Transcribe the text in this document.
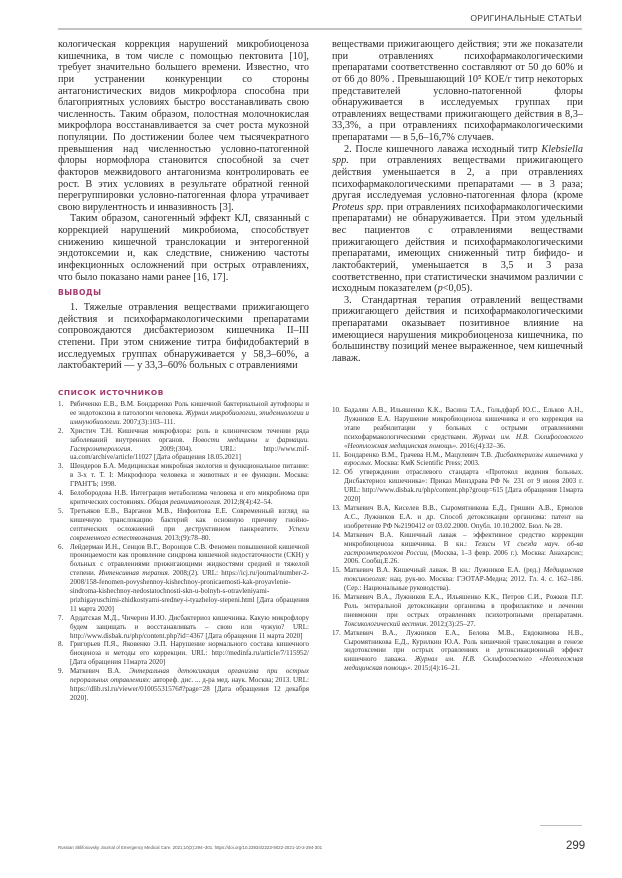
ОРИГИНАЛЬНЫЕ СТАТЬИ

кологическая коррекция нарушений микробиоценоза кишечника, в том числе с помощью пектовита [10], требует значительно большего времени. Известно, что при устранении конкуренции со стороны антагонистических видов микрофлора способна при благоприятных условиях быстро восстанавливать свою численность. Таким образом, полостная молочнокислая микрофлора восстанавливается за счет роста мукозной популяции. По достижении более чем тысячекратного превышения над численностью условно-патогенной флоры нормофлора становится способной за счет факторов межвидового антагонизма контролировать ее рост. В этих условиях в результате обратной генной перегруппировки условно-патогенная флора утрачивает свою вирулентность и инвазивность [3].

Таким образом, саногенный эффект КЛ, связанный с коррекцией нарушений микробиома, способствует снижению кишечной транслокации и энтерогенной эндотоксемии и, как следствие, снижению частоты инфекционных осложнений при острых отравлениях, что было показано нами ранее [16, 17].

ВЫВОДЫ

1. Тяжелые отравления веществами прижигающего действия и психофармакологическими препаратами сопровождаются дисбактериозом кишечника II–III степени. При этом снижение титра бифидобактерий в исследуемых группах обнаруживается у 58,3–60%, а лактобактерий — у 33,3–60% больных с отравлениями

веществами прижигающего действия; эти же показатели при отравлениях психофармакологическими препаратами соответственно составляют от 50 до 60% и от 66 до 80% . Превышающий 10⁵ КОЕ/г титр некоторых представителей условно-патогенной флоры обнаруживается в исследуемых группах при отравлениях веществами прижигающего действия в 8,3–33,3%, а при отравлениях психофармакологическими препаратами — в 5,6–16,7% случаев.

2. После кишечного лаважа исходный титр Klebsiella spp. при отравлениях веществами прижигающего действия уменьшается в 2, а при отравлениях психофармакологическими препаратами — в 3 раза; другая исследуемая условно-патогенная флора (кроме Proteus spp. при отравлениях психофармакологическими препаратами) не обнаруживается. При этом удельный вес пациентов с отравлениями веществами прижигающего действия и психофармакологическими препаратами, имеющих сниженный титр бифидо- и лактобактерий, уменьшается в 3,5 и 3 раза соответственно, при статистически значимом различии с исходным показателем (p<0,05).

3. Стандартная терапия отравлений веществами прижигающего действия и психофармакологическими препаратами оказывает позитивное влияние на имеющиеся нарушения микробиоценоза кишечника, по большинству позиций менее выраженное, чем кишечный лаваж.

СПИСОК ИСТОЧНИКОВ
1. Рябиченко Е.В., В.М. Бондаренко Роль кишечной бактериальной аутофлоры и ее эндотоксина в патологии человека. Журнал микробиологии, эпидемиологии и иммунобиологии. 2007;(3):103–111.
2. Христич Т.Н. Кишечная микрофлора: роль в клиническом течении ряда заболеваний внутренних органов. Новости медицины и фармации. Гастроэнтерология. 2009;(304). URL: http://www.mif-ua.com/archive/article/11027 [Дата обращения 18.05.2021]
3. Шендеров Б.А. Медицинская микробная экология и функциональное питание: в 3-х т. Т. I: Микрофлора человека и животных и ее функции. Москва: ГРАНТЪ; 1998.
4. Белобородова Н.В. Интеграция метаболизма человека и его микробиома при критических состояниях. Общая реаниматология. 2012;8(4):42–54.
5. Третьяков Е.В., Варганов М.В., Нифонтова Е.Е. Современный взгляд на кишечную транслокацию бактерий как основную причину гнойно-септических осложнений при деструктивном панкреатите. Успехи современного естествознания. 2013;(9):78–80.
6. Лейдерман И.Н., Сенцов В.Г., Воронцов С.В. Феномен повышенной кишечной проницаемости как проявление синдрома кишечной недостаточности (СКН) у больных с отравлениями прижигающими жидкостями средней и тяжелой степени. Интенсивная терапия. 2008;(2). URL: https://icj.ru/journal/number-2-2008/158-fenomen-povyshennoy-kishechnoy-pronicaemosti-kak-proyavlenie-sindroma-kishechnoy-nedostatochnosti-skn-u-bolnyh-s-otravleniyami-prizhigayuschimi-zhidkostyami-sredney-i-tyazheloy-stepeni.html [Дата обращения 11 марта 2020]
7. Ардатская М.Д., Чичерин И.Ю. Дисбактериоз кишечника. Какую микрофлору будем защищать и восстанавливать – свою или чужую? URL: http://www.disbak.ru/php/content.php?id=4367 [Дата обращения 11 марта 2020]
8. Григорьев П.Я., Яковенко Э.П. Нарушение нормального состава кишечного биоценоза и методы его коррекции. URL: http://medinfa.ru/article/7/115952/ [Дата обращения 11марта 2020]
9. Маткевич В.А. Энтеральная детоксикация организма при острых пероральных отравлениях: автореф. дис. ... д-ра мед. наук. Москва; 2013. URL: https://dlib.rsl.ru/viewer/01005531576#?page=28 [Дата обращения 12 декабря 2020].
10. Бадалян А.В., Ильяшенко К.К., Васина Т.А., Гольдфарб Ю.С., Ельков А.Н., Лужников Е.А. Нарушение микробиоценоза кишечника и его коррекция на этапе реабилитации у больных с острыми отравлениями психофармакологическими средствами. Журнал им. Н.В. Склифосовского «Неотложная медицинская помощь». 2016;(4):32–36.
11. Бондаренко В.М., Грачева Н.М., Мацулевич Т.В. Дисбактериозы кишечника у взрослых. Москва: КмК Scientific Press; 2003.
12. Об утверждении отраслевого стандарта «Протокол ведения больных. Дисбактериоз кишечника»: Приказ Минздрава РФ № 231 от 9 июня 2003 г. URL: http://www.disbak.ru/php/content.php?group=615 [Дата обращения 11марта 2020]
13. Маткевич В.А, Киселев В.В., Сыромятникова Е.Д., Гришин А.В., Ермолов А.С., Лужников Е.А. и др. Способ детоксикации организма: патент на изобретение РФ №2190412 от 03.02.2000. Опубл. 10.10.2002. Бюл. № 28.
14. Маткевич В.А. Кишечный лаваж – эффективное средство коррекции микробиоценоза кишечника. В кн.: Тезисы VI съезда науч. об-ва гастроэнтерологов России, (Москва, 1–3 февр. 2006 г.). Москва: Анахарсис; 2006. Сообщ.Е.26.
15. Маткевич В.А. Кишечный лаваж. В кн.: Лужников Е.А. (ред.) Медицинская токсикология: нац. рук-во. Москва: ГЭОТАР-Медиа; 2012. Гл. 4. с. 162–186. (Сер.: Национальные руководства).
16. Маткевич В.А., Лужников Е.А., Ильяшенко К.К., Петров С.И., Рожков П.Г. Роль энтеральной детоксикации организма в профилактике и лечении пневмонии при острых отравлениях психотропными препаратами. Токсикологический вестник. 2012;(3):25–27.
17. Маткевич В.А., Лужников Е.А., Белова М.В., Евдокимова Н.В., Сыромятникова Е.Д., Курилкин Ю.А. Роль кишечной транслокации в генезе эндотоксемии при острых отравлениях и детоксикационный эффект кишечного лаважа. Журнал им. Н.В. Склифосовского «Неотложная медицинская помощь». 2015;(4):16–21.
Russian Sklifosovsky Journal of Emergency Medical Care. 2021;10(2):294–301. https://doi.org/10.23934/2223-9022-2021-10-2-294-301	299
